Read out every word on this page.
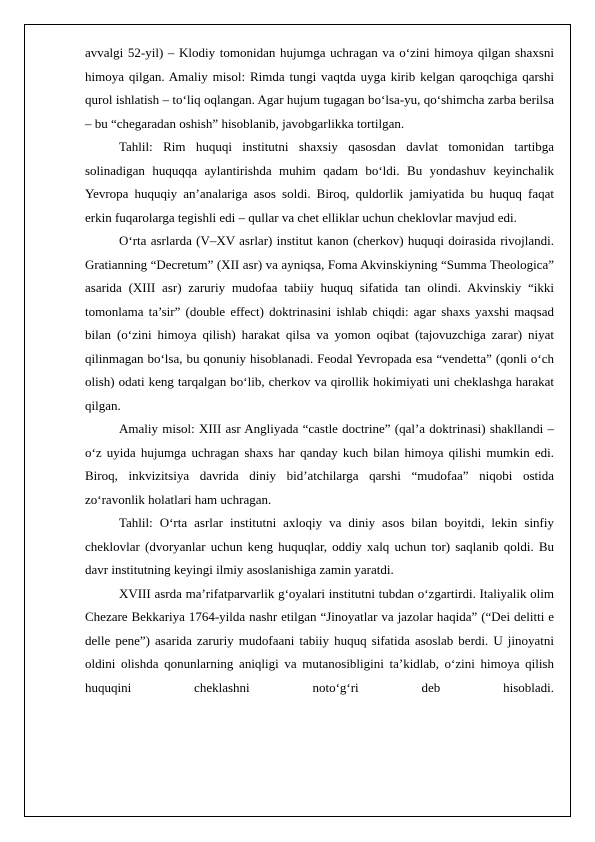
avvalgi 52-yil) – Klodiy tomonidan hujumga uchragan va o‘zini himoya qilgan shaxsni himoya qilgan. Amaliy misol: Rimda tungi vaqtda uyga kirib kelgan qaroqchiga qarshi qurol ishlatish – to‘liq oqlangan. Agar hujum tugagan bo‘lsa-yu, qo‘shimcha zarba berilsa – bu “chegaradan oshish” hisoblanib, javobgarlikka tortilgan.

Tahlil: Rim huquqi institutni shaxsiy qasosdan davlat tomonidan tartibga solinadigan huquqqa aylantirishda muhim qadam bo‘ldi. Bu yondashuv keyinchalik Yevropa huquqiy an’analariga asos soldi. Biroq, quldorlik jamiyatida bu huquq faqat erkin fuqarolarga tegishli edi – qullar va chet elliklar uchun cheklovlar mavjud edi.

O‘rta asrlarda (V–XV asrlar) institut kanon (cherkov) huquqi doirasida rivojlandi. Gratianning “Decretum” (XII asr) va ayniqsa, Foma Akvinskiyning “Summa Theologica” asarida (XIII asr) zaruriy mudofaa tabiiy huquq sifatida tan olindi. Akvinskiy “ikki tomonlama ta’sir” (double effect) doktrinasini ishlab chiqdi: agar shaxs yaxshi maqsad bilan (o‘zini himoya qilish) harakat qilsa va yomon oqibat (tajovuzchiga zarar) niyat qilinmagan bo‘lsa, bu qonuniy hisoblanadi. Feodal Yevropada esa “vendetta” (qonli o‘ch olish) odati keng tarqalgan bo‘lib, cherkov va qirollik hokimiyati uni cheklashga harakat qilgan.

Amaliy misol: XIII asr Angliyada “castle doctrine” (qal’a doktrinasi) shakllandi – o‘z uyida hujumga uchragan shaxs har qanday kuch bilan himoya qilishi mumkin edi. Biroq, inkvizitsiya davrida diniy bid’atchilarga qarshi “mudofaa” niqobi ostida zo‘ravonlik holatlari ham uchragan.

Tahlil: O‘rta asrlar institutni axloqiy va diniy asos bilan boyitdi, lekin sinfiy cheklovlar (dvoryanlar uchun keng huquqlar, oddiy xalq uchun tor) saqlanib qoldi. Bu davr institutning keyingi ilmiy asoslanishiga zamin yaratdi.

XVIII asrda ma’rifatparvarlik g‘oyalari institutni tubdan o‘zgartirdi. Italiyalik olim Chezare Bekkariya 1764-yilda nashr etilgan “Jinoyatlar va jazolar haqida” (“Dei delitti e delle pene”) asarida zaruriy mudofaani tabiiy huquq sifatida asoslab berdi. U jinoyatni oldini olishda qonunlarning aniqligi va mutanosibligini ta’kidlab, o‘zini himoya qilish huquqini cheklashni noto‘g‘ri deb hisobladi.
